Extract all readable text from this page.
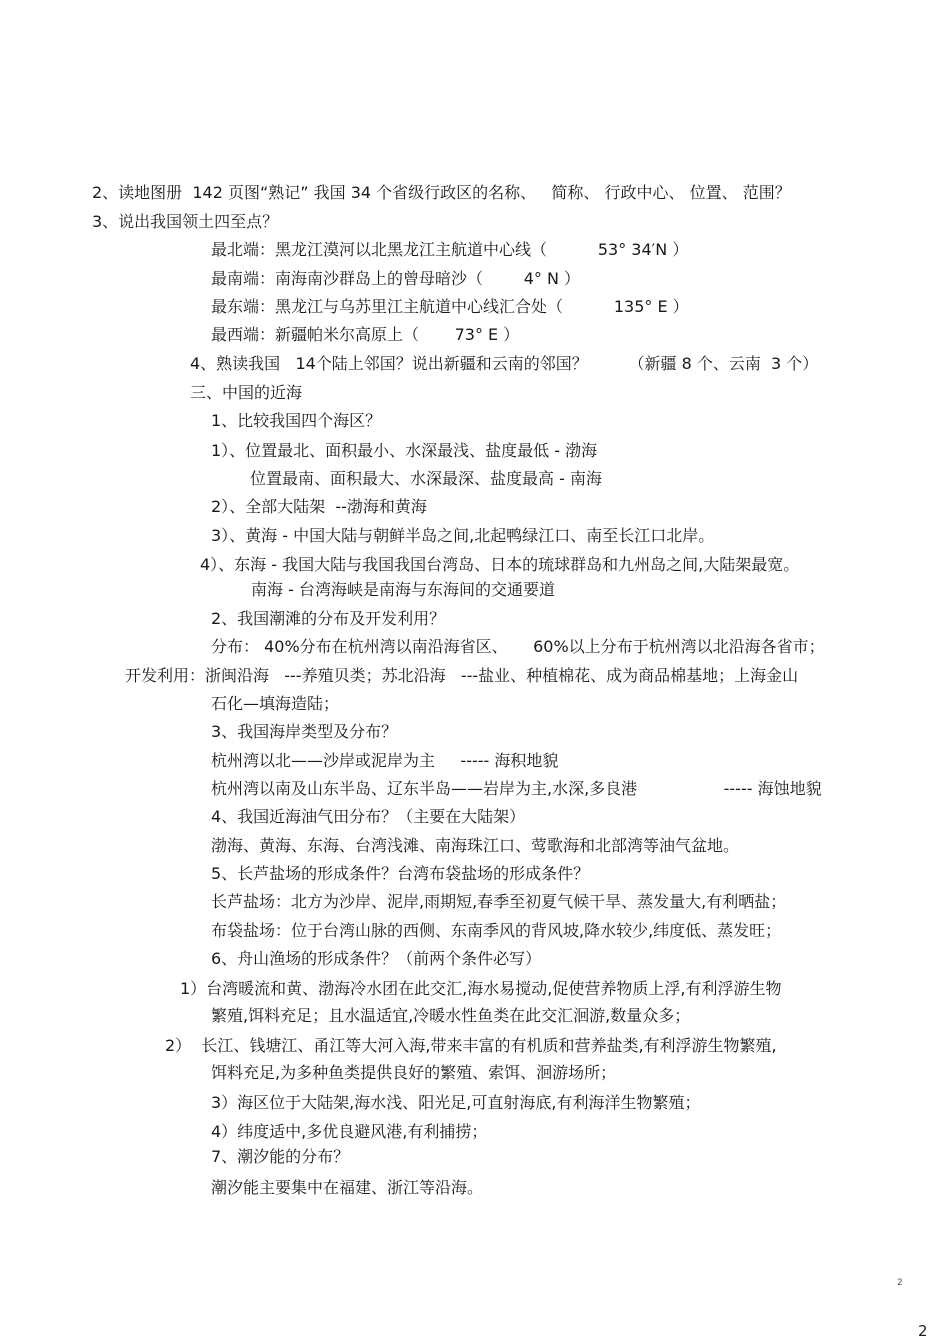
2、读地图册  142 页图“熟记” 我国 34 个省级行政区的名称、   简称、 行政中心、 位置、 范围？
3、说出我国领土四至点？
最北端：黑龙江漠河以北黑龙江主航道中心线（          53° 34′N ）
最南端：南海南沙群岛上的曾母暗沙（        4° N ）
最东端：黑龙江与乌苏里江主航道中心线汇合处（          135° E ）
最西端：新疆帕米尔高原上（       73° E ）
4、熟读我国   14个陆上邻国？说出新疆和云南的邻国？        （新疆 8 个、云南  3 个）
三、中国的近海
1、比较我国四个海区？
1）、位置最北、面积最小、水深最浅、盐度最低 - 渤海
位置最南、面积最大、水深最深、盐度最高 - 南海
2）、全部大陆架  --渤海和黄海
3）、黄海 - 中国大陆与朝鲜半岛之间,北起鸭绿江口、南至长江口北岸。
4）、东海 - 我国大陆与我国我国台湾岛、日本的琉球群岛和九州岛之间,大陆架最宽。
南海 - 台湾海峡是南海与东海间的交通要道
2、我国潮滩的分布及开发利用？
分布： 40%分布在杭州湾以南沿海省区、     60%以上分布于杭州湾以北沿海各省市；
开发利用：浙闽沿海   ---养殖贝类；苏北沿海   ---盐业、种植棉花、成为商品棉基地；上海金山
石化—填海造陆；
3、我国海岸类型及分布？
杭州湾以北——沙岸或泥岸为主     ----- 海积地貌
杭州湾以南及山东半岛、辽东半岛——岩岸为主,水深,多良港                 ----- 海蚀地貌
4、我国近海油气田分布？（主要在大陆架）
渤海、黄海、东海、台湾浅滩、南海珠江口、莺歌海和北部湾等油气盆地。
5、长芦盐场的形成条件？台湾布袋盐场的形成条件？
长芦盐场：北方为沙岸、泥岸,雨期短,春季至初夏气候干旱、蒸发量大,有利晒盐；
布袋盐场：位于台湾山脉的西侧、东南季风的背风坡,降水较少,纬度低、蒸发旺；
6、舟山渔场的形成条件？（前两个条件必写）
1）台湾暖流和黄、渤海冷水团在此交汇,海水易搅动,促使营养物质上浮,有利浮游生物
繁殖,饵料充足；且水温适宜,冷暖水性鱼类在此交汇洄游,数量众多；
2）  长江、钱塘江、甬江等大河入海,带来丰富的有机质和营养盐类,有利浮游生物繁殖,
饵料充足,为多种鱼类提供良好的繁殖、索饵、洄游场所；
3）海区位于大陆架,海水浅、阳光足,可直射海底,有利海洋生物繁殖；
4）纬度适中,多优良避风港,有利捕捞；
7、潮汐能的分布？
潮汐能主要集中在福建、浙江等沿海。
2
2
